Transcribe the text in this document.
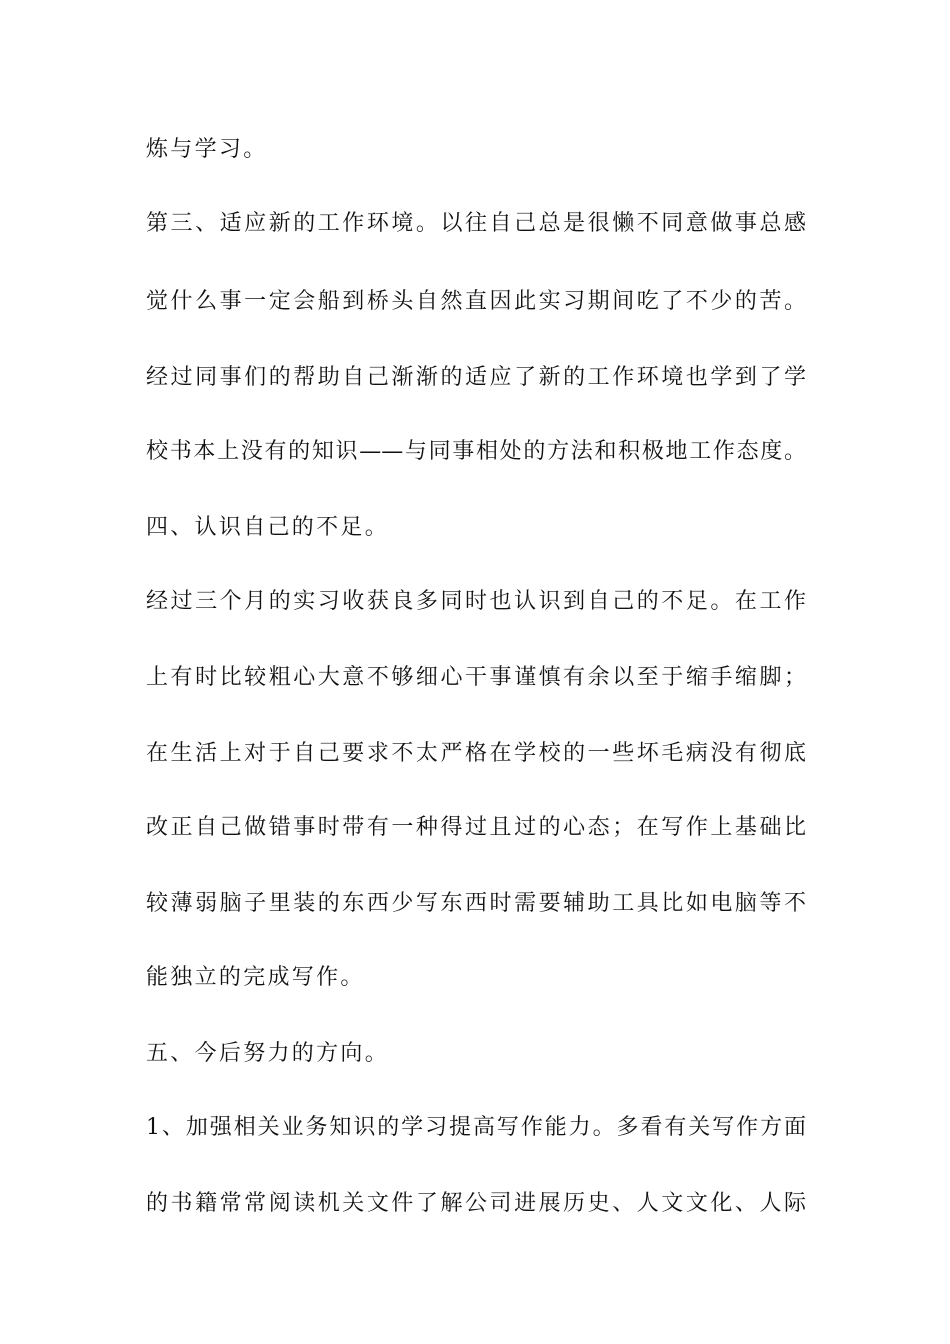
炼与学习。
第三、适应新的工作环境。以往自己总是很懒不同意做事总感
觉什么事一定会船到桥头自然直因此实习期间吃了不少的苦。
经过同事们的帮助自己渐渐的适应了新的工作环境也学到了学
校书本上没有的知识——与同事相处的方法和积极地工作态度。
四、认识自己的不足。
经过三个月的实习收获良多同时也认识到自己的不足。在工作
上有时比较粗心大意不够细心干事谨慎有余以至于缩手缩脚；
在生活上对于自己要求不太严格在学校的一些坏毛病没有彻底
改正自己做错事时带有一种得过且过的心态；在写作上基础比
较薄弱脑子里装的东西少写东西时需要辅助工具比如电脑等不
能独立的完成写作。
五、今后努力的方向。
1、加强相关业务知识的学习提高写作能力。多看有关写作方面
的书籍常常阅读机关文件了解公司进展历史、人文文化、人际
